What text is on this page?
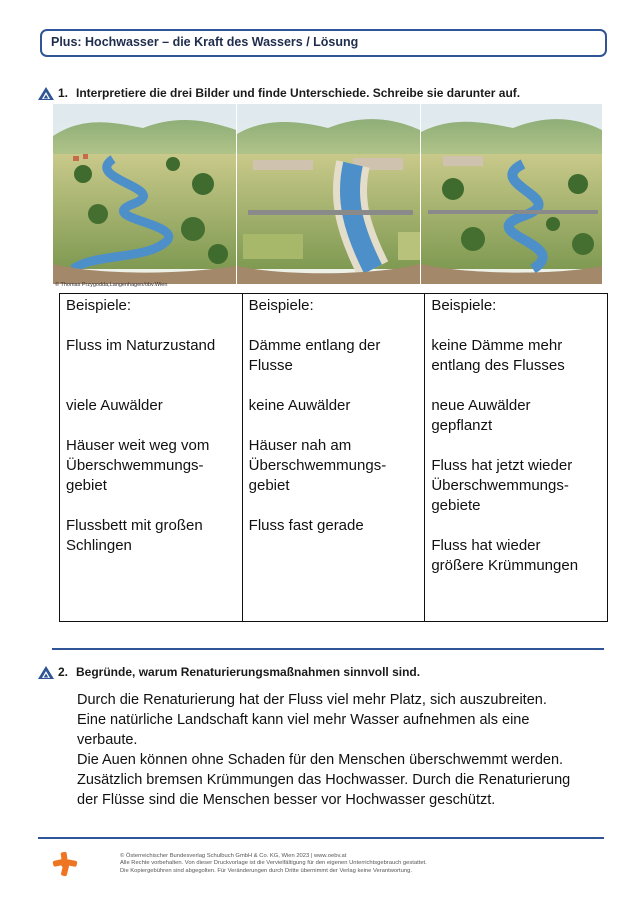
Plus: Hochwasser – die Kraft des Wassers / Lösung
1. Interpretiere die drei Bilder und finde Unterschiede. Schreibe sie darunter auf.
© Thomas Przygodda,Langenhagen/öbv.Wien
Beispiele:
Fluss im Naturzustand
viele Auwälder
Häuser weit weg vom
Überschwemmungs-
gebiet
Flussbett mit großen
Schlingen

Beispiele:
Dämme entlang der
Flusse
keine Auwälder
Häuser nah am
Überschwemmungs-
gebiet
Fluss fast gerade

Beispiele:
keine Dämme mehr
entlang des Flusses
neue Auwälder
gepflanzt
Fluss hat jetzt wieder
Überschwemmungs-
gebiete
Fluss hat wieder
größere Krümmungen
2. Begründe, warum Renaturierungsmaßnahmen sinnvoll sind.
Durch die Renaturierung hat der Fluss viel mehr Platz, sich auszubreiten.
Eine natürliche Landschaft kann viel mehr Wasser aufnehmen als eine
verbaute.
Die Auen können ohne Schaden für den Menschen überschwemmt werden.
Zusätzlich bremsen Krümmungen das Hochwasser. Durch die Renaturierung
der Flüsse sind die Menschen besser vor Hochwasser geschützt.
© Österreichischer Bundesverlag Schulbuch GmbH & Co. KG, Wien 2023 | www.oebv.at
Alle Rechte vorbehalten. Von dieser Druckvorlage ist die Vervielfältigung für den eigenen Unterrichtsgebrauch gestattet.
Die Kopiergebühren sind abgegolten. Für Veränderungen durch Dritte übernimmt der Verlag keine Verantwortung.
